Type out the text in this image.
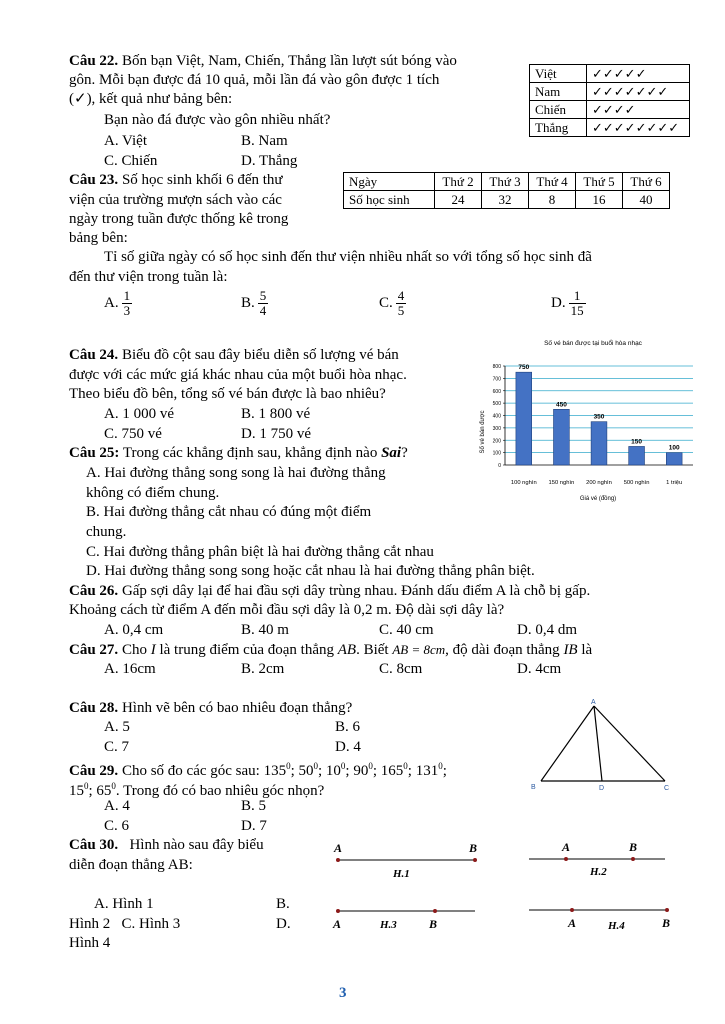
Câu 22. Bốn bạn Việt, Nam, Chiến, Thắng lần lượt sút bóng vào
gôn. Mỗi bạn được đá 10 quả, mỗi lần đá vào gôn được 1 tích
(✓), kết quả như bảng bên:
Bạn nào đá được vào gôn nhiều nhất?
A. Việt	B. Nam
C. Chiến	D. Thắng
Việt	✓✓✓✓✓
Nam	✓✓✓✓✓✓✓
Chiến	✓✓✓✓
Thắng	✓✓✓✓✓✓✓✓
Câu 23. Số học sinh khối 6 đến thư
viện của trường mượn sách vào các
ngày trong tuần được thống kê trong
bảng bên:
Tỉ số giữa ngày có số học sinh đến thư viện nhiều nhất so với tổng số học sinh đã
đến thư viện trong tuần là:
Ngày	Thứ 2	Thứ 3	Thứ 4	Thứ 5	Thứ 6
Số học sinh	24	32	8	16	40
A. $\frac{1}{3}$	B. $\frac{5}{4}$	C. $\frac{4}{5}$	D. $\frac{1}{15}$
Câu 24. Biểu đồ cột sau đây biểu diễn số lượng vé bán
được với các mức giá khác nhau của một buổi hòa nhạc.
Theo biểu đồ bên, tổng số vé bán được là bao nhiêu?
A. 1 000 vé	B. 1 800 vé
C. 750 vé	D. 1 750 vé
Số vé bán được tại buổi hòa nhạc
Số vé bán được
Giá vé (đồng)
0
100
200
300
400
500
600
700
800	750
100 nghìn
450
150 nghìn
350
200 nghìn
150
500 nghìn
100
1 triệu
Câu 25: Trong các khẳng định sau, khẳng định nào Sai?
A. Hai đường thẳng song song là hai đường thẳng
không có điểm chung.
B. Hai đường thẳng cắt nhau có đúng một điểm
chung.
C. Hai đường thẳng phân biệt là hai đường thẳng cắt nhau
D. Hai đường thẳng song song hoặc cắt nhau là hai đường thẳng phân biệt.
Câu 26. Gấp sợi dây lại để hai đầu sợi dây trùng nhau. Đánh dấu điểm A là chỗ bị gấp.
Khoảng cách từ điểm A đến mỗi đầu sợi dây là 0,2 m. Độ dài sợi dây là?
A. 0,4 cm	B. 40 m	C. 40 cm	D. 0,4 dm
Câu 27. Cho I là trung điểm của đoạn thẳng AB. Biết AB = 8cm, độ dài đoạn thẳng IB là
A. 16cm	B. 2cm	C. 8cm	D. 4cm
Câu 28. Hình vẽ bên có bao nhiêu đoạn thẳng?
A. 5	B. 6
C. 7	D. 4
A
B	D	C
Câu 29. Cho số đo các góc sau: $135^0$; $50^0$; $10^0$; $90^0$; $165^0$; $131^0$;
$15^0$; $65^0$. Trong đó có bao nhiêu góc nhọn?
A. 4	B. 5
C. 6	D. 7
Câu 30. Hình nào sau đây biểu
diễn đoạn thẳng AB:
A. Hình 1	B.
Hình 2 C. Hình 3	D.
Hình 4
A	B
H.1
A	B
H.2
A	H.3	B	A	H.4	B
3
